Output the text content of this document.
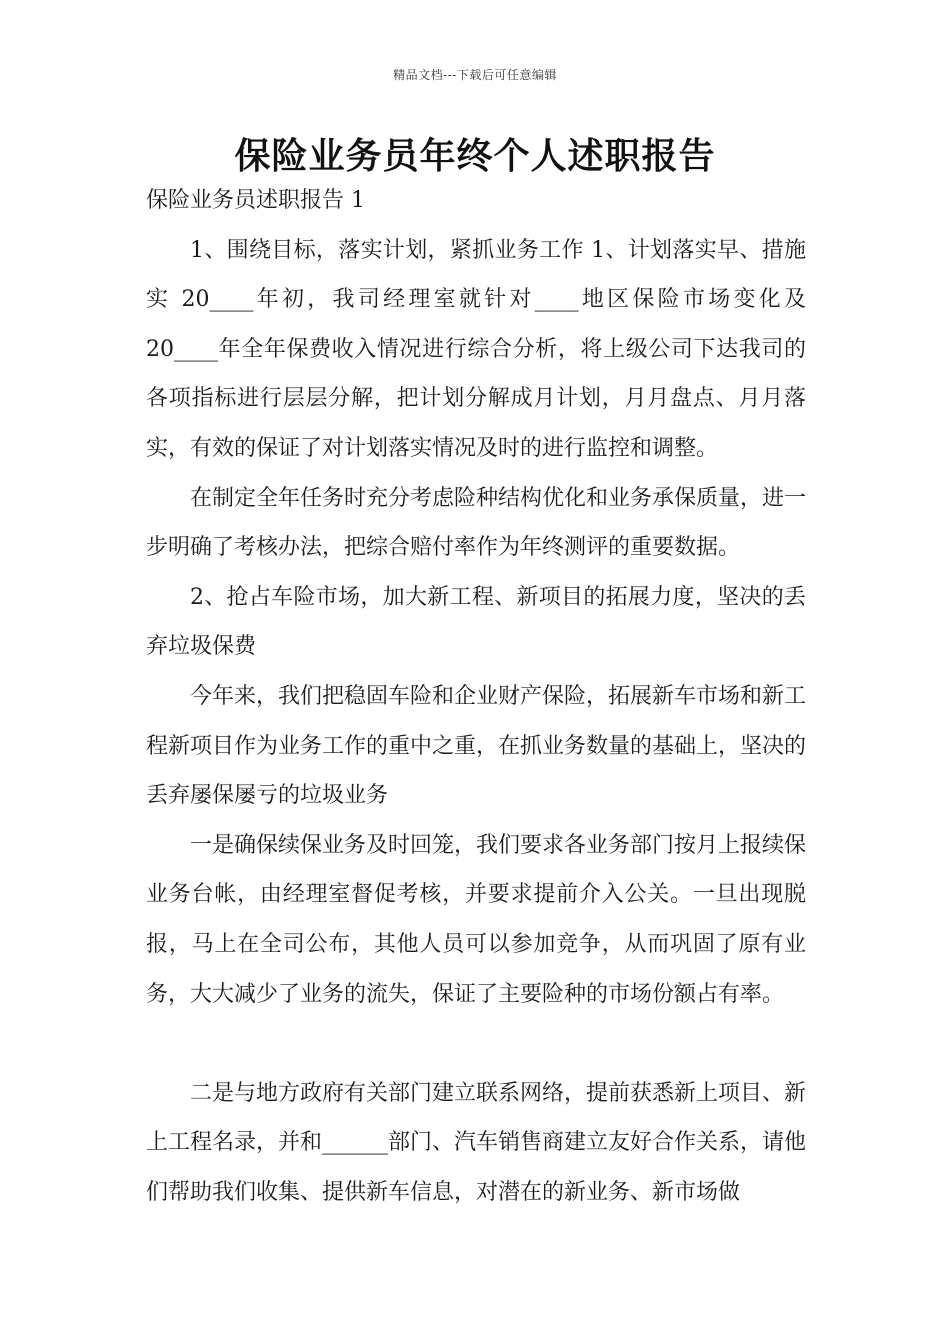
精品文档---下载后可任意编辑
保险业务员年终个人述职报告

保险业务员述职报告 1

1、围绕目标，落实计划，紧抓业务工作 1、计划落实早、措施实 20____年初，我司经理室就针对____地区保险市场变化及 20____年全年保费收入情况进行综合分析，将上级公司下达我司的各项指标进行层层分解，把计划分解成月计划，月月盘点、月月落实，有效的保证了对计划落实情况及时的进行监控和调整。

在制定全年任务时充分考虑险种结构优化和业务承保质量，进一步明确了考核办法，把综合赔付率作为年终测评的重要数据。

2、抢占车险市场，加大新工程、新项目的拓展力度，坚决的丢弃垃圾保费

今年来，我们把稳固车险和企业财产保险，拓展新车市场和新工程新项目作为业务工作的重中之重，在抓业务数量的基础上，坚决的丢弃屡保屡亏的垃圾业务

一是确保续保业务及时回笼，我们要求各业务部门按月上报续保业务台帐，由经理室督促考核，并要求提前介入公关。一旦出现脱报，马上在全司公布，其他人员可以参加竞争，从而巩固了原有业务，大大减少了业务的流失，保证了主要险种的市场份额占有率。

二是与地方政府有关部门建立联系网络，提前获悉新上项目、新上工程名录，并和______部门、汽车销售商建立友好合作关系，请他们帮助我们收集、提供新车信息，对潜在的新业务、新市场做
